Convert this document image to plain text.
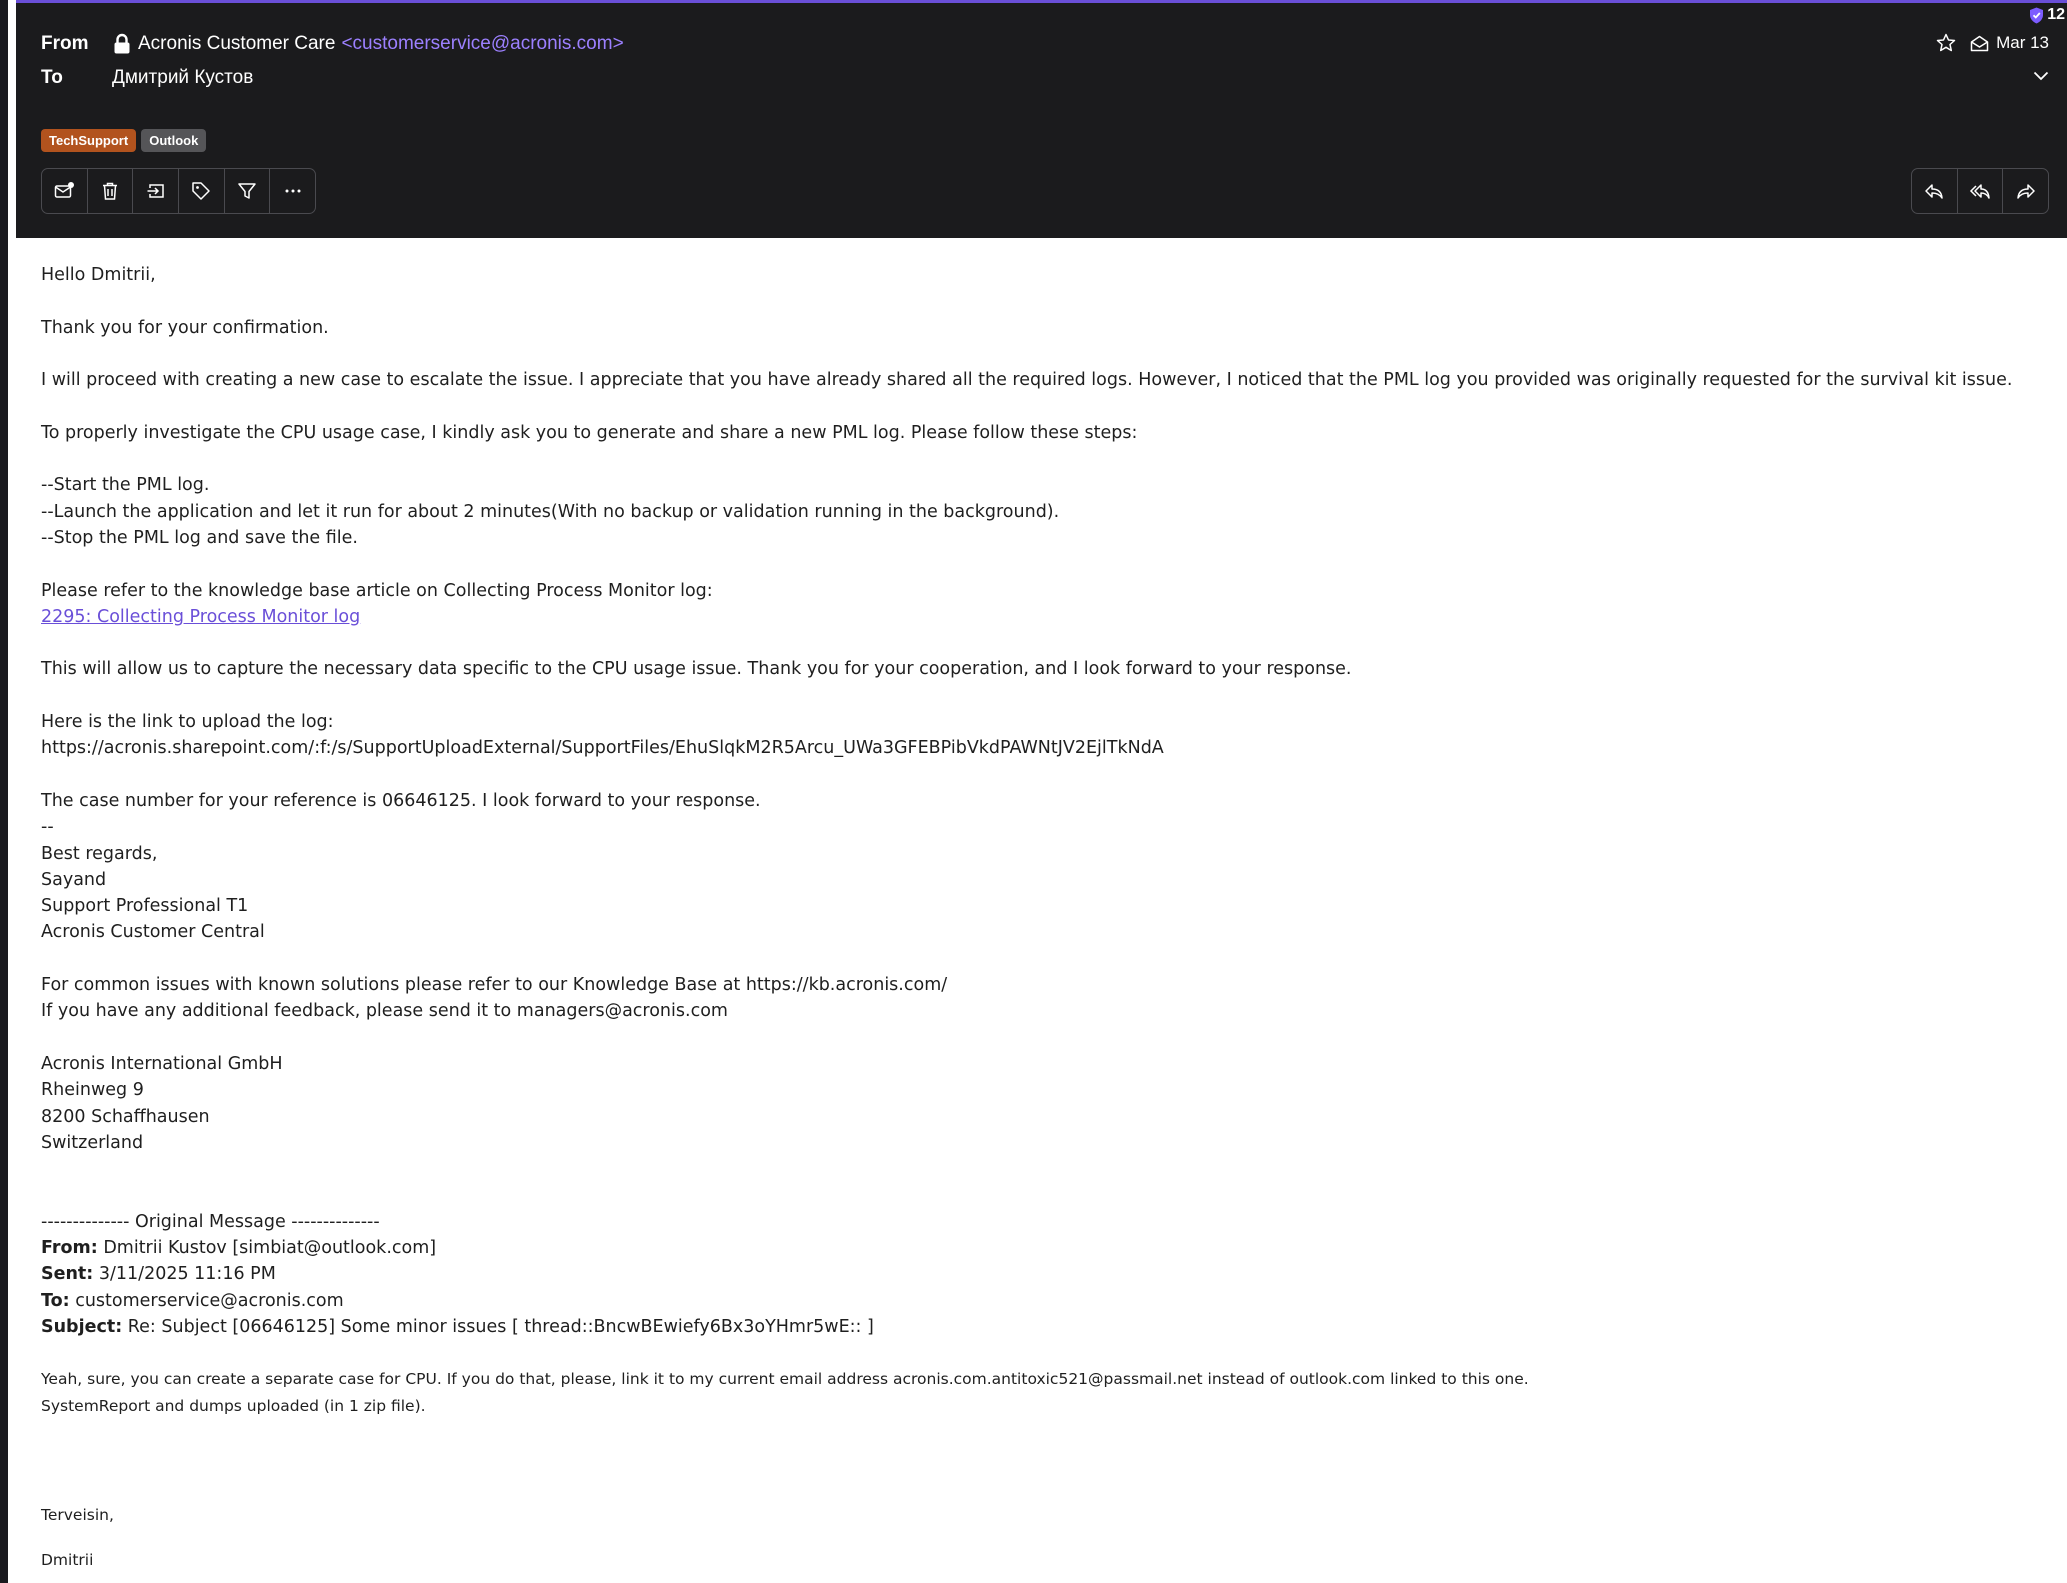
12
From	Acronis Customer Care <customerservice@acronis.com>
To	Дмитрий Кустов
Mar 13
TechSupport	Outlook

Hello Dmitrii,

Thank you for your confirmation.

I will proceed with creating a new case to escalate the issue. I appreciate that you have already shared all the required logs. However, I noticed that the PML log you provided was originally requested for the survival kit issue.

To properly investigate the CPU usage case, I kindly ask you to generate and share a new PML log. Please follow these steps:

--Start the PML log.

--Launch the application and let it run for about 2 minutes(With no backup or validation running in the background).

--Stop the PML log and save the file.

Please refer to the knowledge base article on Collecting Process Monitor log:

2295: Collecting Process Monitor log

This will allow us to capture the necessary data specific to the CPU usage issue. Thank you for your cooperation, and I look forward to your response.

Here is the link to upload the log:

https://acronis.sharepoint.com/:f:/s/SupportUploadExternal/SupportFiles/EhuSlqkM2R5Arcu_UWa3GFEBPibVkdPAWNtJV2EjlTkNdA

The case number for your reference is 06646125. I look forward to your response.

--

Best regards,

Sayand

Support Professional T1

Acronis Customer Central

For common issues with known solutions please refer to our Knowledge Base at https://kb.acronis.com/

If you have any additional feedback, please send it to managers@acronis.com

Acronis International GmbH

Rheinweg 9

8200 Schaffhausen

Switzerland

-------------- Original Message --------------

From: Dmitrii Kustov [simbiat@outlook.com]

Sent: 3/11/2025 11:16 PM

To: customerservice@acronis.com

Subject: Re: Subject [06646125] Some minor issues [ thread::BncwBEwiefy6Bx3oYHmr5wE:: ]

Yeah, sure, you can create a separate case for CPU. If you do that, please, link it to my current email address acronis.com.antitoxic521@passmail.net instead of outlook.com linked to this one.

SystemReport and dumps uploaded (in 1 zip file).

Terveisin,

Dmitrii
